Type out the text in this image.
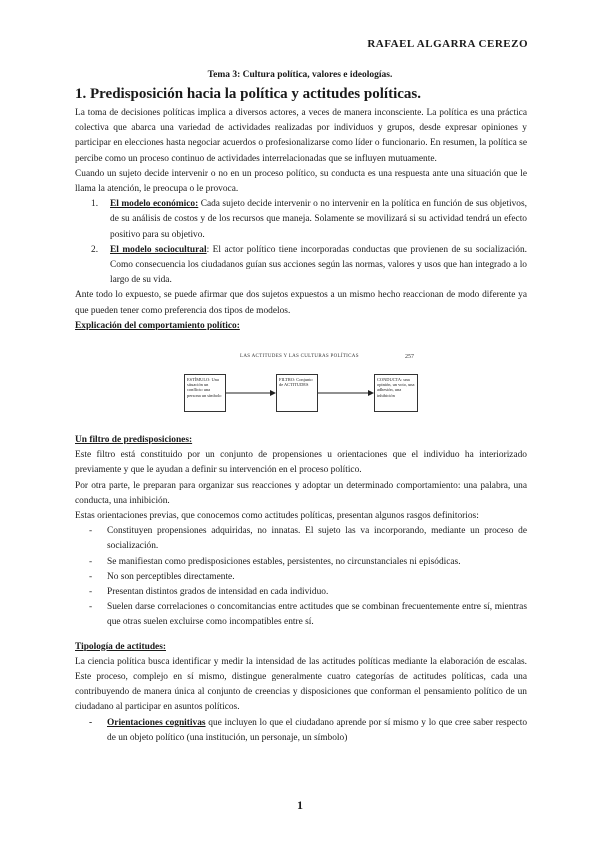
RAFAEL ALGARRA CEREZO
Tema 3: Cultura política, valores e ideologías.
1. Predisposición hacia la política y actitudes políticas.

La toma de decisiones políticas implica a diversos actores, a veces de manera inconsciente. La política es una práctica colectiva que abarca una variedad de actividades realizadas por individuos y grupos, desde expresar opiniones y participar en elecciones hasta negociar acuerdos o profesionalizarse como líder o funcionario. En resumen, la política se percibe como un proceso continuo de actividades interrelacionadas que se influyen mutuamente.

Cuando un sujeto decide intervenir o no en un proceso político, su conducta es una respuesta ante una situación que le llama la atención, le preocupa o le provoca.

1. El modelo económico: Cada sujeto decide intervenir o no intervenir en la política en función de sus objetivos, de su análisis de costos y de los recursos que maneja. Solamente se movilizará si su actividad tendrá un efecto positivo para su objetivo.
2. El modelo sociocultural: El actor político tiene incorporadas conductas que provienen de su socialización. Como consecuencia los ciudadanos guían sus acciones según las normas, valores y usos que han integrado a lo largo de su vida.

Ante todo lo expuesto, se puede afirmar que dos sujetos expuestos a un mismo hecho reaccionan de modo diferente ya que pueden tener como preferencia dos tipos de modelos.

Explicación del comportamiento político:

LAS ACTITUDES Y LAS CULTURAS POLÍTICAS	257
ESTÍMULO: Una situación un conflicto una persona un símbolo
FILTRO: Conjunto de ACTITUDES
CONDUCTA: una opinión, un voto, una adhesión, una inhibición

Un filtro de predisposiciones:

Este filtro está constituido por un conjunto de propensiones u orientaciones que el individuo ha interiorizado previamente y que le ayudan a definir su intervención en el proceso político.

Por otra parte, le preparan para organizar sus reacciones y adoptar un determinado comportamiento: una palabra, una conducta, una inhibición.

Estas orientaciones previas, que conocemos como actitudes políticas, presentan algunos rasgos definitorios:

- Constituyen propensiones adquiridas, no innatas. El sujeto las va incorporando, mediante un proceso de socialización.
- Se manifiestan como predisposiciones estables, persistentes, no circunstanciales ni episódicas.
- No son perceptibles directamente.
- Presentan distintos grados de intensidad en cada individuo.
- Suelen darse correlaciones o concomitancias entre actitudes que se combinan frecuentemente entre sí, mientras que otras suelen excluirse como incompatibles entre sí.

Tipología de actitudes:

La ciencia política busca identificar y medir la intensidad de las actitudes políticas mediante la elaboración de escalas. Este proceso, complejo en sí mismo, distingue generalmente cuatro categorías de actitudes políticas, cada una contribuyendo de manera única al conjunto de creencias y disposiciones que conforman el pensamiento político de un ciudadano al participar en asuntos políticos.

- Orientaciones cognitivas que incluyen lo que el ciudadano aprende por sí mismo y lo que cree saber respecto de un objeto político (una institución, un personaje, un símbolo)
1
